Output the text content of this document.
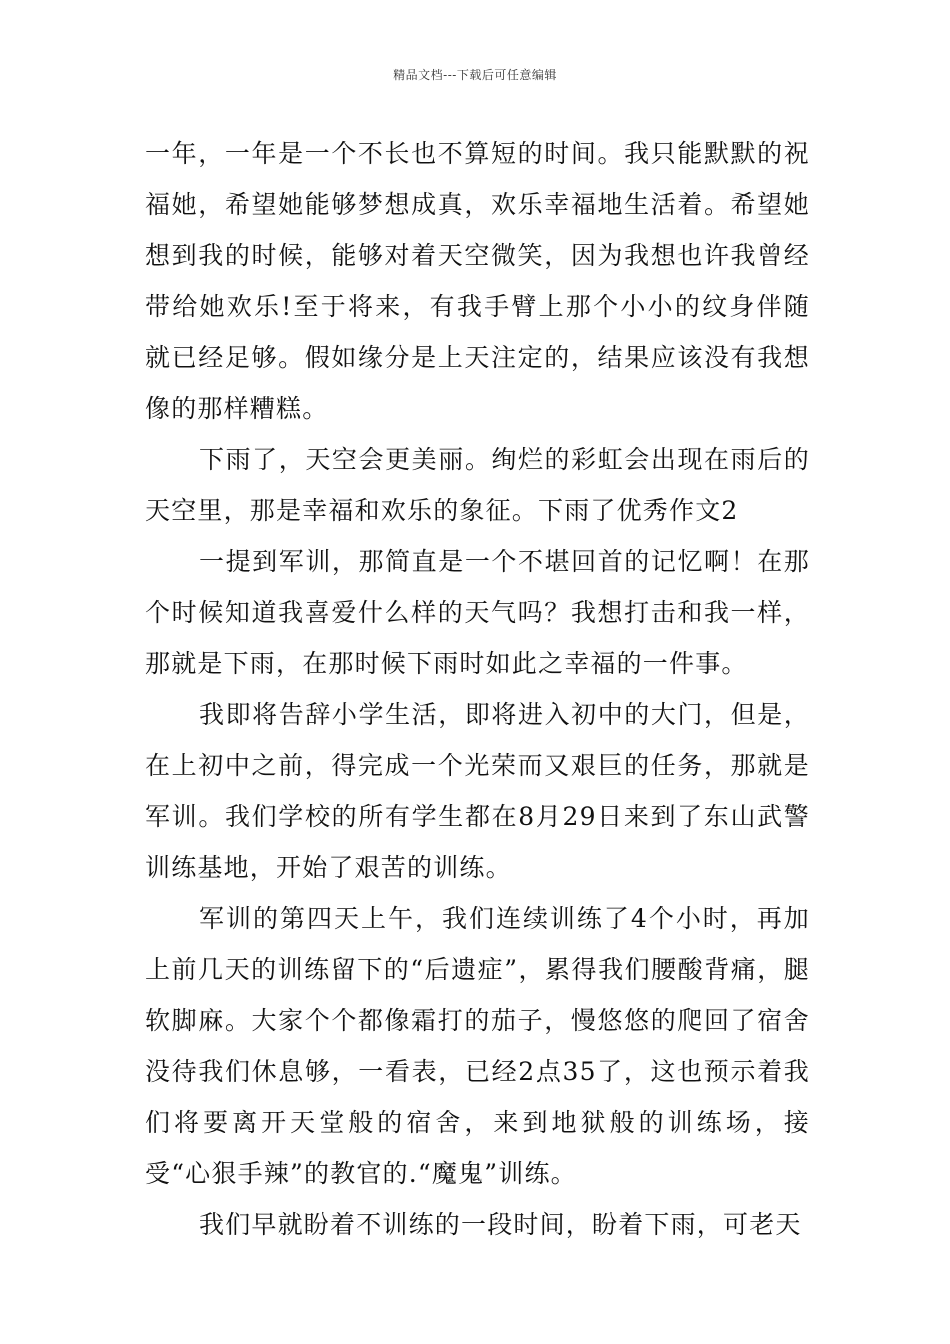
精品文档---下载后可任意编辑

一年，一年是一个不长也不算短的时间。我只能默默的祝福她，希望她能够梦想成真，欢乐幸福地生活着。希望她想到我的时候，能够对着天空微笑，因为我想也许我曾经带给她欢乐!至于将来，有我手臂上那个小小的纹身伴随就已经足够。假如缘分是上天注定的，结果应该没有我想像的那样糟糕。

下雨了，天空会更美丽。绚烂的彩虹会出现在雨后的天空里，那是幸福和欢乐的象征。下雨了优秀作文2

一提到军训，那简直是一个不堪回首的记忆啊！在那个时候知道我喜爱什么样的天气吗？我想打击和我一样，那就是下雨，在那时候下雨时如此之幸福的一件事。

我即将告辞小学生活，即将进入初中的大门，但是，在上初中之前，得完成一个光荣而又艰巨的任务，那就是军训。我们学校的所有学生都在8月29日来到了东山武警训练基地，开始了艰苦的训练。

军训的第四天上午，我们连续训练了4个小时，再加上前几天的训练留下的“后遗症”，累得我们腰酸背痛，腿软脚麻。大家个个都像霜打的茄子，慢悠悠的爬回了宿舍没待我们休息够，一看表，已经2点35了，这也预示着我们将要离开天堂般的宿舍，来到地狱般的训练场，接受“心狠手辣”的教官的.“魔鬼”训练。

我们早就盼着不训练的一段时间，盼着下雨，可老天
